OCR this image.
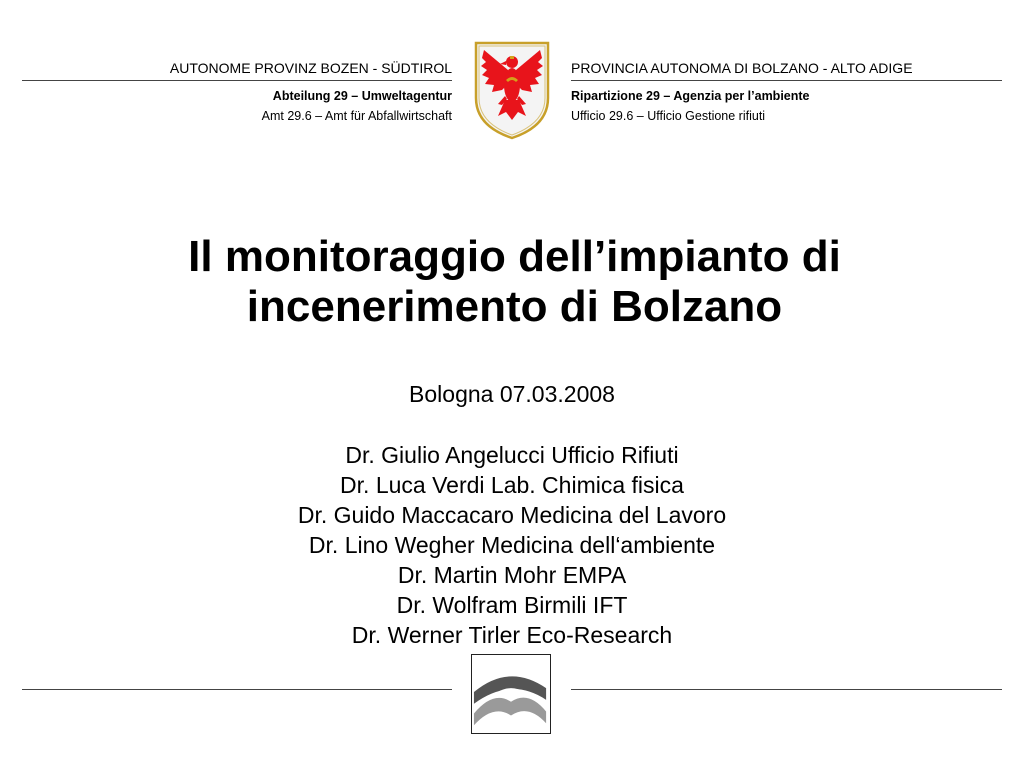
AUTONOME PROVINZ BOZEN - SÜDTIROL
Abteilung 29 – Umweltagentur
Amt 29.6 – Amt für Abfallwirtschaft
PROVINCIA AUTONOMA DI BOLZANO - ALTO ADIGE
Ripartizione 29 – Agenzia per l’ambiente
Ufficio 29.6 – Ufficio Gestione rifiuti
Il monitoraggio dell’impianto di
incenerimento di Bolzano
Bologna 07.03.2008
Dr. Giulio Angelucci Ufficio Rifiuti
Dr. Luca Verdi Lab. Chimica fisica
Dr. Guido Maccacaro Medicina del Lavoro
Dr. Lino Wegher Medicina dell‘ambiente
Dr. Martin Mohr EMPA
Dr. Wolfram Birmili IFT
Dr. Werner Tirler Eco-Research
